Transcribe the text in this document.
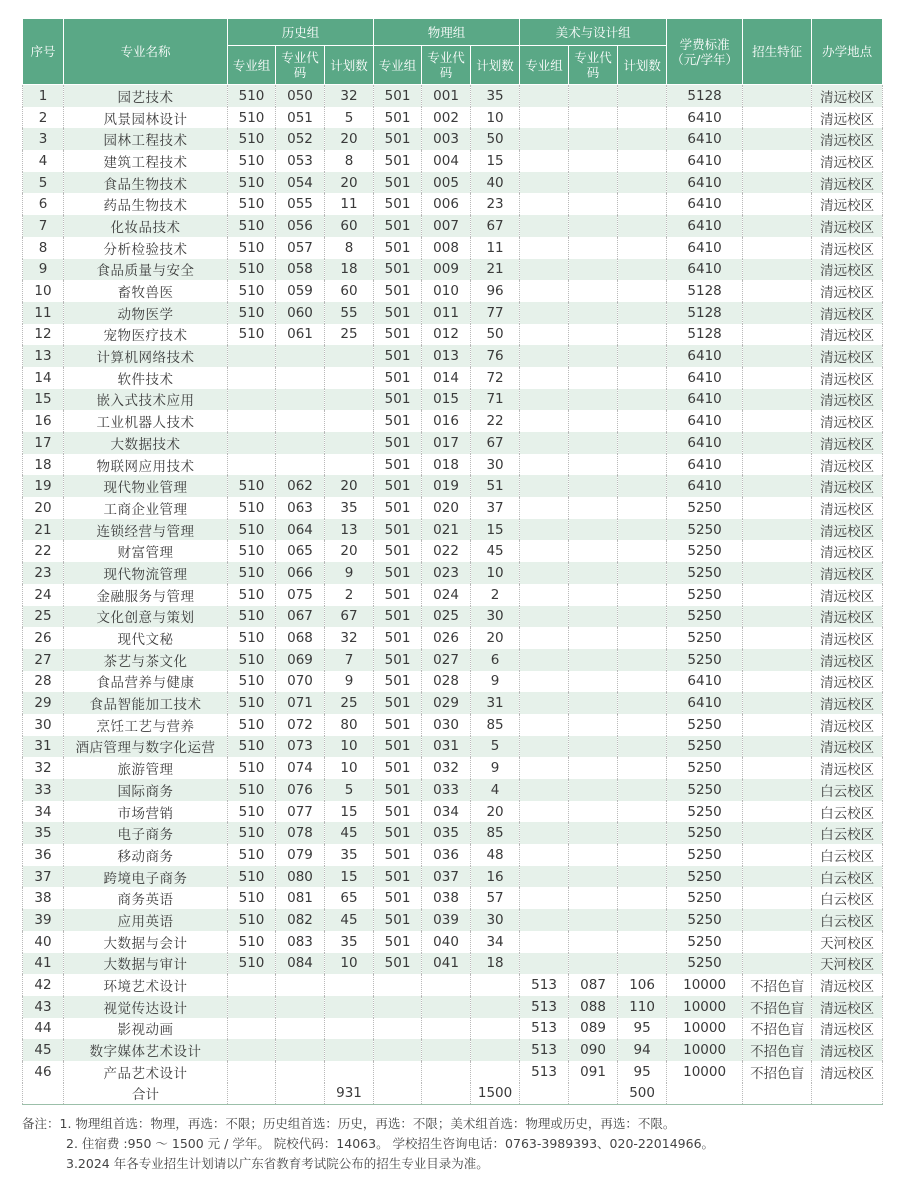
序号	专业名称	历史组			物理组			美术与设计组			学费标准（元/学年）	招生特征	办学地点
		专业组	专业代码	计划数	专业组	专业代码	计划数	专业组	专业代码	计划数			
1	园艺技术	510	050	32	501	001	35				5128		清远校区
2	风景园林设计	510	051	5	501	002	10				6410		清远校区
3	园林工程技术	510	052	20	501	003	50				6410		清远校区
4	建筑工程技术	510	053	8	501	004	15				6410		清远校区
5	食品生物技术	510	054	20	501	005	40				6410		清远校区
6	药品生物技术	510	055	11	501	006	23				6410		清远校区
7	化妆品技术	510	056	60	501	007	67				6410		清远校区
8	分析检验技术	510	057	8	501	008	11				6410		清远校区
9	食品质量与安全	510	058	18	501	009	21				6410		清远校区
10	畜牧兽医	510	059	60	501	010	96				5128		清远校区
11	动物医学	510	060	55	501	011	77				5128		清远校区
12	宠物医疗技术	510	061	25	501	012	50				5128		清远校区
13	计算机网络技术				501	013	76				6410		清远校区
14	软件技术				501	014	72				6410		清远校区
15	嵌入式技术应用				501	015	71				6410		清远校区
16	工业机器人技术				501	016	22				6410		清远校区
17	大数据技术				501	017	67				6410		清远校区
18	物联网应用技术				501	018	30				6410		清远校区
19	现代物业管理	510	062	20	501	019	51				6410		清远校区
20	工商企业管理	510	063	35	501	020	37				5250		清远校区
21	连锁经营与管理	510	064	13	501	021	15				5250		清远校区
22	财富管理	510	065	20	501	022	45				5250		清远校区
23	现代物流管理	510	066	9	501	023	10				5250		清远校区
24	金融服务与管理	510	075	2	501	024	2				5250		清远校区
25	文化创意与策划	510	067	67	501	025	30				5250		清远校区
26	现代文秘	510	068	32	501	026	20				5250		清远校区
27	茶艺与茶文化	510	069	7	501	027	6				5250		清远校区
28	食品营养与健康	510	070	9	501	028	9				6410		清远校区
29	食品智能加工技术	510	071	25	501	029	31				6410		清远校区
30	烹饪工艺与营养	510	072	80	501	030	85				5250		清远校区
31	酒店管理与数字化运营	510	073	10	501	031	5				5250		清远校区
32	旅游管理	510	074	10	501	032	9				5250		清远校区
33	国际商务	510	076	5	501	033	4				5250		白云校区
34	市场营销	510	077	15	501	034	20				5250		白云校区
35	电子商务	510	078	45	501	035	85				5250		白云校区
36	移动商务	510	079	35	501	036	48				5250		白云校区
37	跨境电子商务	510	080	15	501	037	16				5250		白云校区
38	商务英语	510	081	65	501	038	57				5250		白云校区
39	应用英语	510	082	45	501	039	30				5250		白云校区
40	大数据与会计	510	083	35	501	040	34				5250		天河校区
41	大数据与审计	510	084	10	501	041	18				5250		天河校区
42	环境艺术设计							513	087	106	10000	不招色盲	清远校区
43	视觉传达设计							513	088	110	10000	不招色盲	清远校区
44	影视动画							513	089	95	10000	不招色盲	清远校区
45	数字媒体艺术设计							513	090	94	10000	不招色盲	清远校区
46	产品艺术设计							513	091	95	10000	不招色盲	清远校区
	合计			931			1500			500			
备注：1. 物理组首选：物理，再选：不限；历史组首选：历史，再选：不限；美术组首选：物理或历史，再选：不限。
2. 住宿费 :950 ～ 1500 元 / 学年。 院校代码：14063。 学校招生咨询电话：0763-3989393、020-22014966。
3.2024 年各专业招生计划请以广东省教育考试院公布的招生专业目录为准。
